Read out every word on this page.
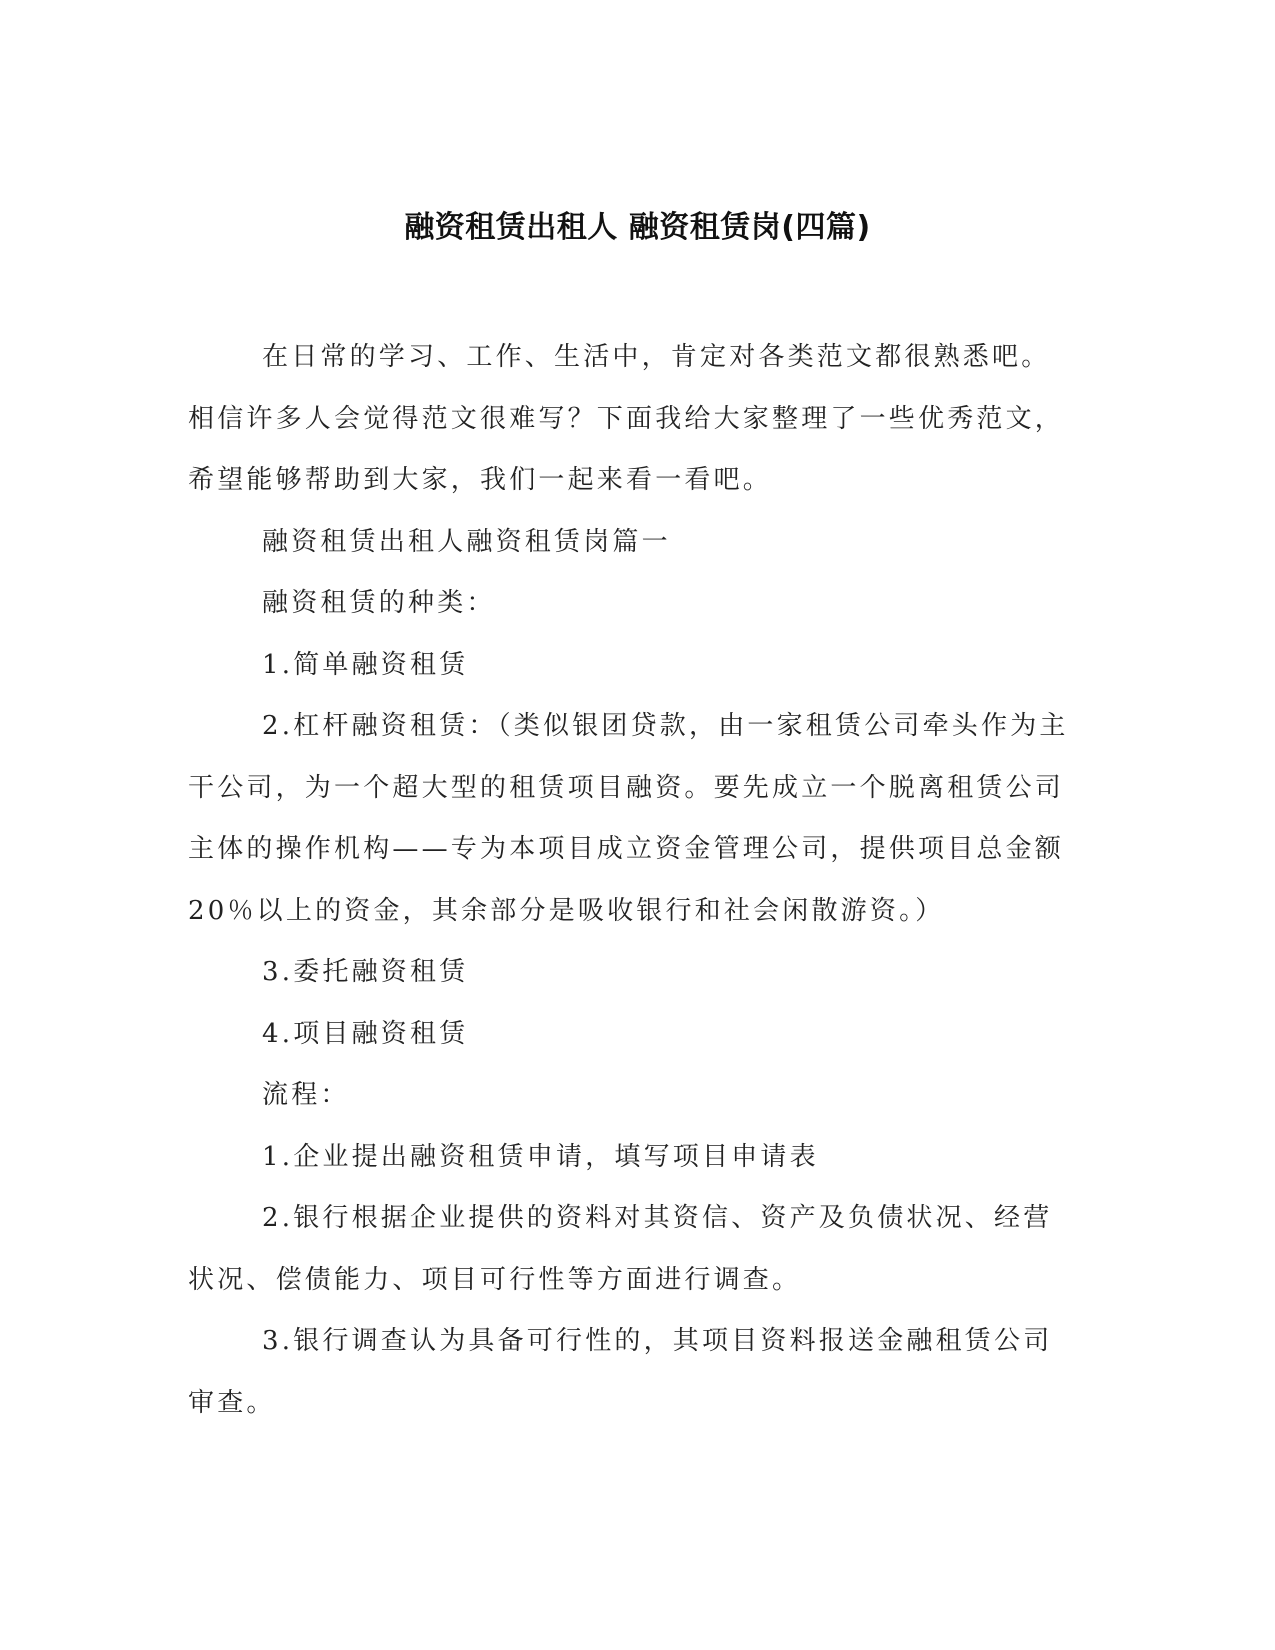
融资租赁出租人 融资租赁岗(四篇)

在日常的学习、工作、生活中，肯定对各类范文都很熟悉吧。相信许多人会觉得范文很难写？下面我给大家整理了一些优秀范文，希望能够帮助到大家，我们一起来看一看吧。

融资租赁出租人融资租赁岗篇一

融资租赁的种类：

1.简单融资租赁

2.杠杆融资租赁：（类似银团贷款，由一家租赁公司牵头作为主干公司，为一个超大型的租赁项目融资。要先成立一个脱离租赁公司主体的操作机构——专为本项目成立资金管理公司，提供项目总金额20％以上的资金，其余部分是吸收银行和社会闲散游资。）

3.委托融资租赁

4.项目融资租赁

流程：

1.企业提出融资租赁申请，填写项目申请表

2.银行根据企业提供的资料对其资信、资产及负债状况、经营状况、偿债能力、项目可行性等方面进行调查。

3.银行调查认为具备可行性的，其项目资料报送金融租赁公司审查。
